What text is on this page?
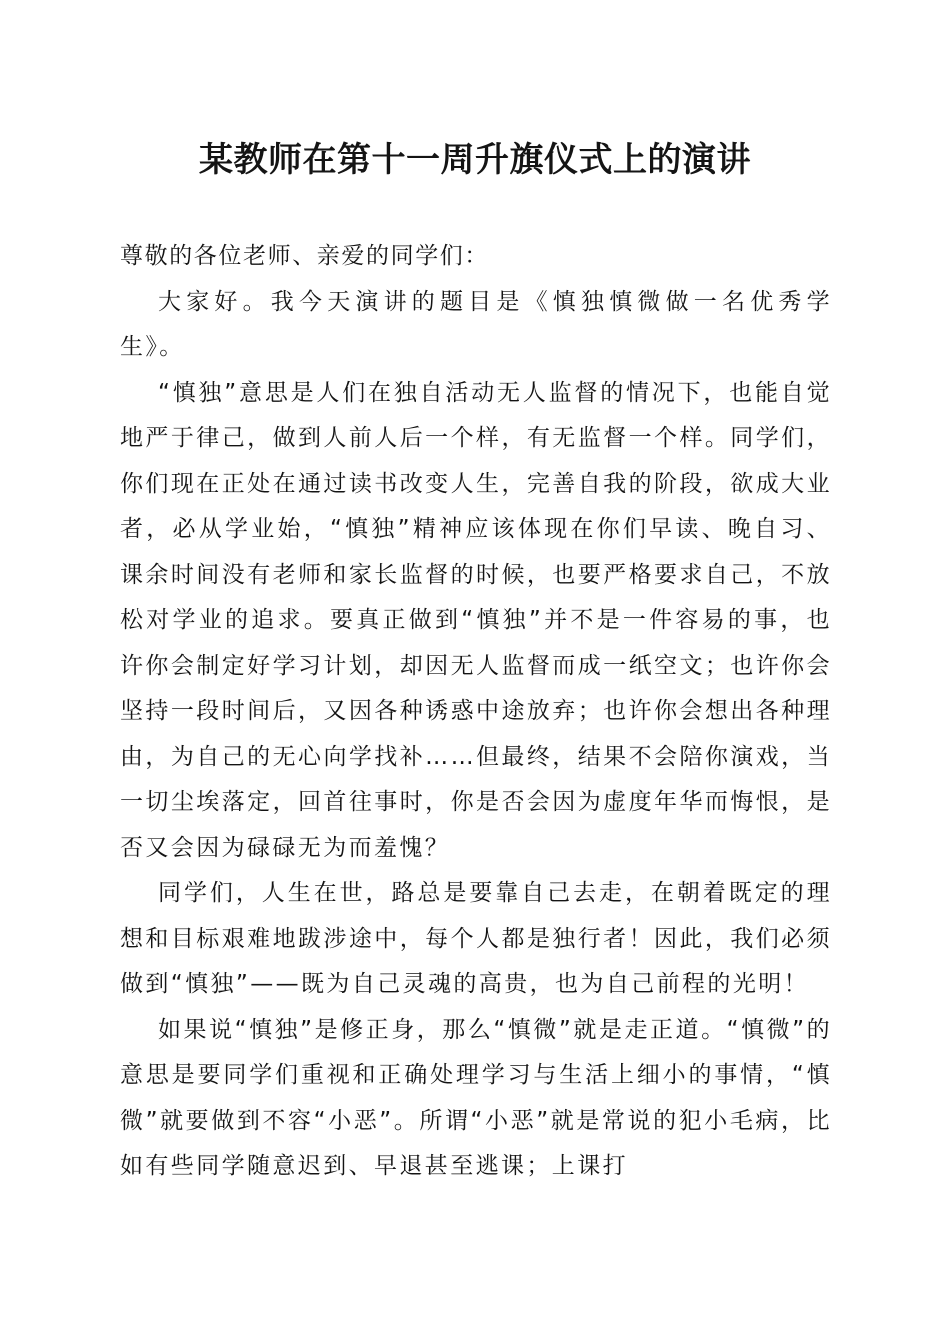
某教师在第十一周升旗仪式上的演讲

尊敬的各位老师、亲爱的同学们：

大家好。我今天演讲的题目是《慎独慎微做一名优秀学生》。

“慎独”意思是人们在独自活动无人监督的情况下，也能自觉地严于律己，做到人前人后一个样，有无监督一个样。同学们，你们现在正处在通过读书改变人生，完善自我的阶段，欲成大业者，必从学业始，“慎独”精神应该体现在你们早读、晚自习、课余时间没有老师和家长监督的时候，也要严格要求自己，不放松对学业的追求。要真正做到“慎独”并不是一件容易的事，也许你会制定好学习计划，却因无人监督而成一纸空文；也许你会坚持一段时间后，又因各种诱惑中途放弃；也许你会想出各种理由，为自己的无心向学找补……但最终，结果不会陪你演戏，当一切尘埃落定，回首往事时，你是否会因为虚度年华而悔恨，是否又会因为碌碌无为而羞愧？

同学们，人生在世，路总是要靠自己去走，在朝着既定的理想和目标艰难地跋涉途中，每个人都是独行者！因此，我们必须做到“慎独”——既为自己灵魂的高贵，也为自己前程的光明！

如果说“慎独”是修正身，那么“慎微”就是走正道。“慎微”的意思是要同学们重视和正确处理学习与生活上细小的事情，“慎微”就要做到不容“小恶”。所谓“小恶”就是常说的犯小毛病，比如有些同学随意迟到、早退甚至逃课；上课打
